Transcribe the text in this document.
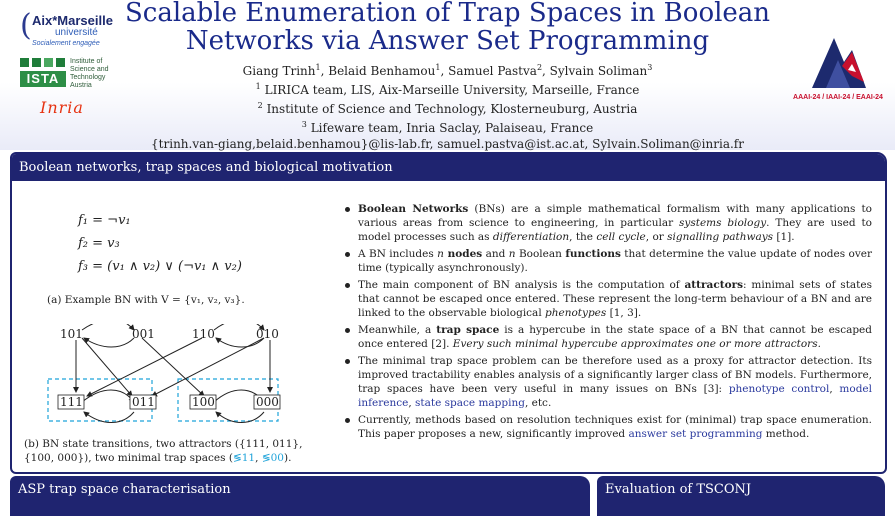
( Aix*Marseille
université
Socialement engagée
ISTA
Institute of Science and Technology Austria
Inria
Scalable Enumeration of Trap Spaces in Boolean Networks via Answer Set Programming
Giang Trinh$^1$, Belaid Benhamou$^1$, Samuel Pastva$^2$, Sylvain Soliman$^3$
$^1$ LIRICA team, LIS, Aix-Marseille University, Marseille, France
$^2$ Institute of Science and Technology, Klosterneuburg, Austria
$^3$ Lifeware team, Inria Saclay, Palaiseau, France
{trinh.van-giang,belaid.benhamou}@lis-lab.fr, samuel.pastva@ist.ac.at, Sylvain.Soliman@inria.fr
AAAI-24 / IAAI-24 / EAAI-24
Boolean networks, trap spaces and biological motivation
f₁ = ¬v₁
f₂ = v₃
f₃ = (v₁ ∧ v₂) ∨ (¬v₁ ∧ v₂)
(a) Example BN with V = {v₁, v₂, v₃}.
101	001	110	010
111	011	100	000
(b) BN state transitions, two attractors ({111, 011}, {100, 000}), two minimal trap spaces (≶11, ≶00).
Boolean Networks (BNs) are a simple mathematical formalism with many applications to various areas from science to engineering, in particular systems biology. They are used to model processes such as differentiation, the cell cycle, or signalling pathways [1].
A BN includes n nodes and n Boolean functions that determine the value update of nodes over time (typically asynchronously).
The main component of BN analysis is the computation of attractors: minimal sets of states that cannot be escaped once entered. These represent the long-term behaviour of a BN and are linked to the observable biological phenotypes [1, 3].
Meanwhile, a trap space is a hypercube in the state space of a BN that cannot be escaped once entered [2]. Every such minimal hypercube approximates one or more attractors.
The minimal trap space problem can be therefore used as a proxy for attractor detection. Its improved tractability enables analysis of a significantly larger class of BN models. Furthermore, trap spaces have been very useful in many issues on BNs [3]: phenotype control, model inference, state space mapping, etc.
Currently, methods based on resolution techniques exist for (minimal) trap space enumeration. This paper proposes a new, significantly improved answer set programming method.
ASP trap space characterisation	Evaluation of TSCONJ
